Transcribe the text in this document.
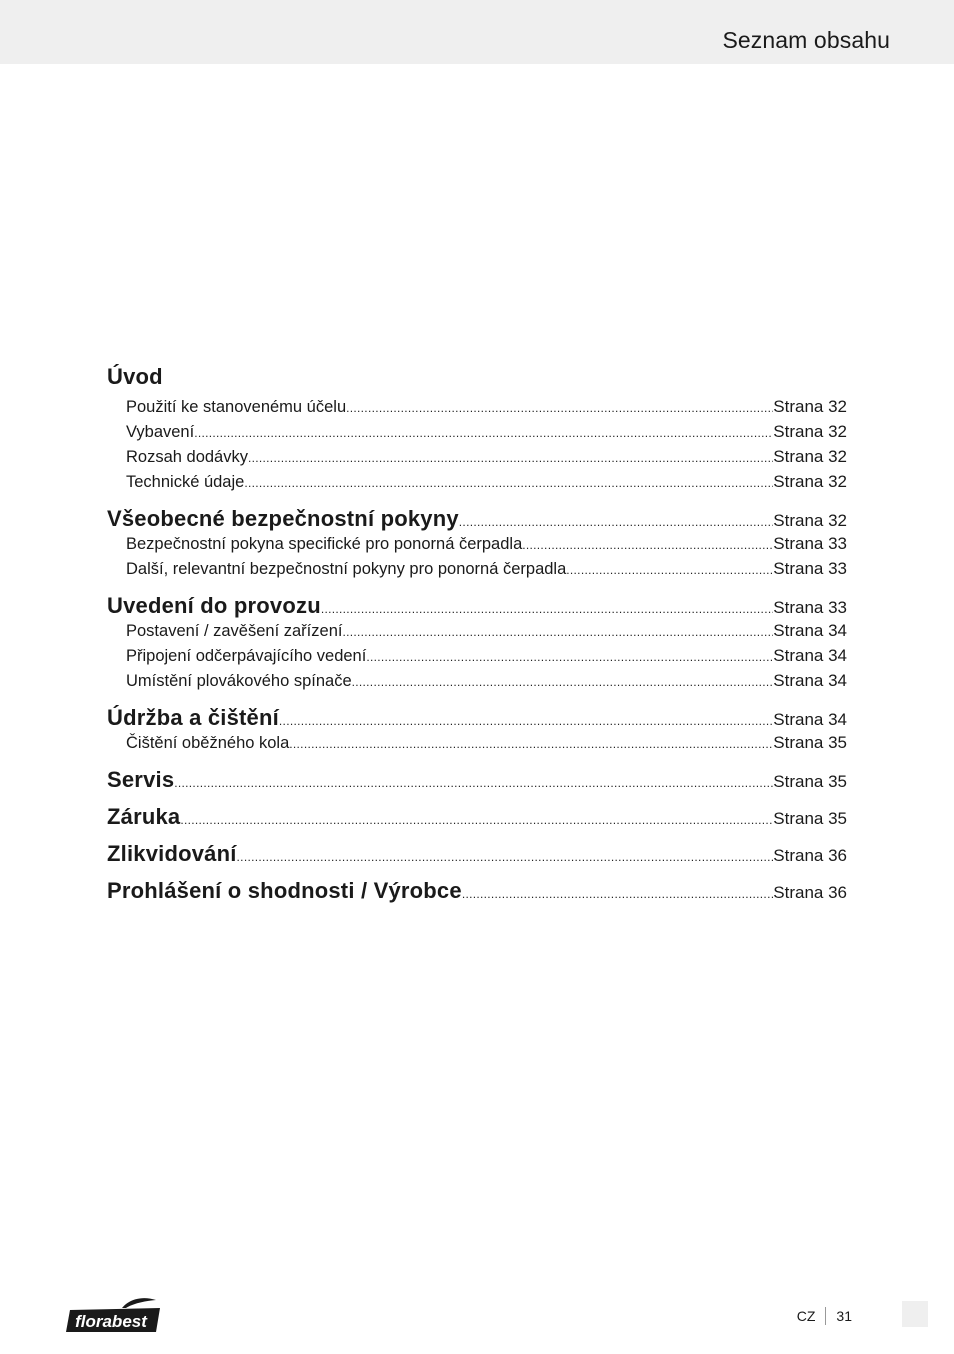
Seznam obsahu
Úvod
Použití ke stanovenému účelu .....	Strana 32
Vybavení .....	Strana 32
Rozsah dodávky .....	Strana 32
Technické údaje .....	Strana 32
Všeobecné bezpečnostní pokyny .....	Strana 32
Bezpečnostní pokyna specifické pro ponorná čerpadla .....	Strana 33
Další, relevantní bezpečnostní pokyny pro ponorná čerpadla .....	Strana 33
Uvedení do provozu .....	Strana 33
Postavení / zavěšení zařízení .....	Strana 34
Připojení odčerpávajícího vedení .....	Strana 34
Umístění plovákového spínače .....	Strana 34
Údržba a čištění .....	Strana 34
Čištění oběžného kola .....	Strana 35
Servis .....	Strana 35
Záruka .....	Strana 35
Zlikvidování .....	Strana 36
Prohlášení o shodnosti / Výrobce .....	Strana 36
florabest	CZ 31
